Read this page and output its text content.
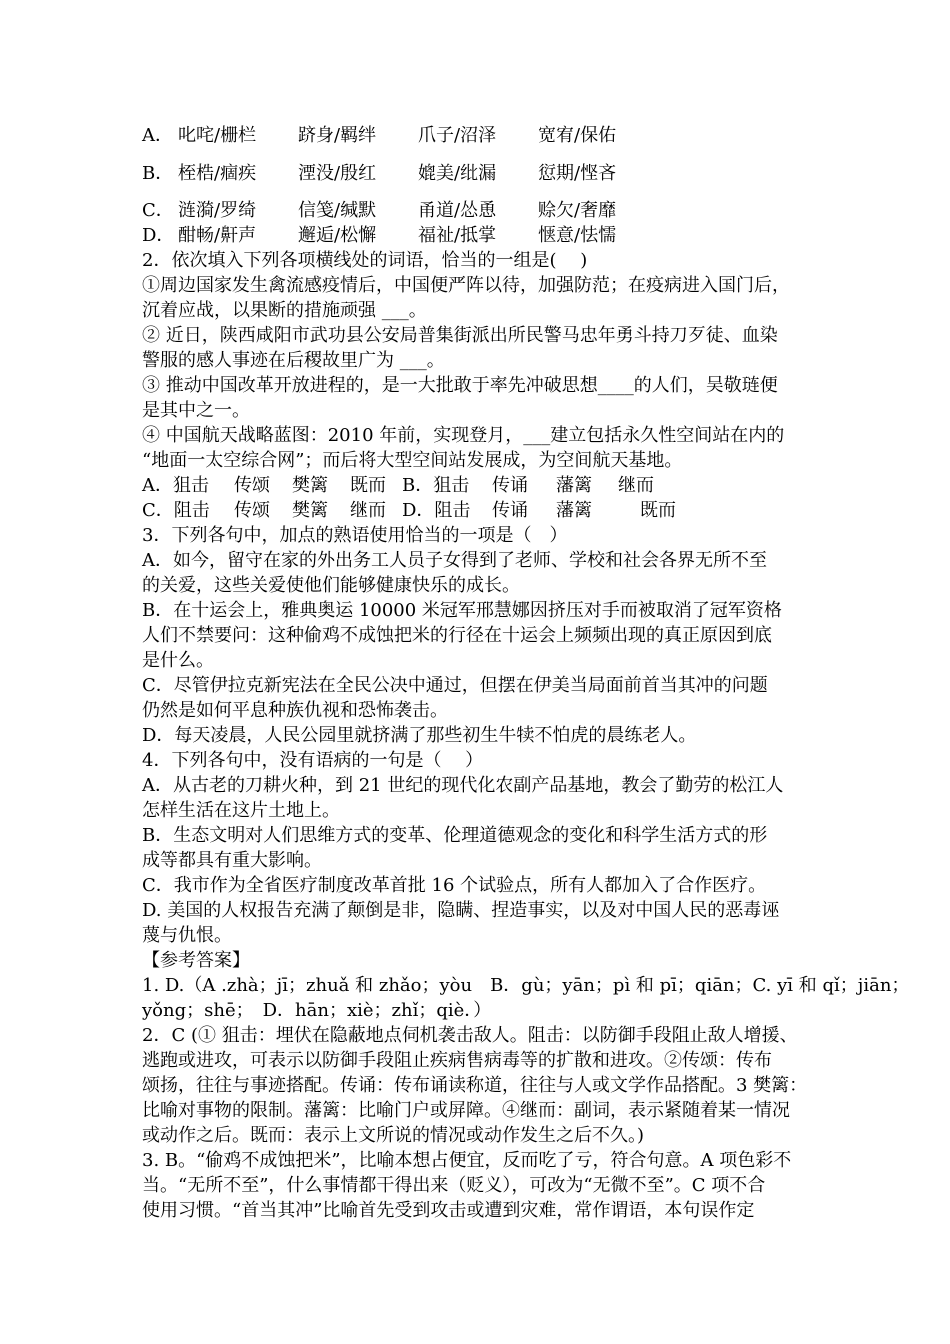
A． 叱咤/栅栏 跻身/羁绊 爪子/沼泽 宽宥/保佑
B． 桎梏/痼疾 湮没/殷红 媲美/纰漏 愆期/悭吝
C． 涟漪/罗绮 信笺/缄默 甬道/怂恿 赊欠/奢靡
D． 酣畅/鼾声 邂逅/松懈 福祉/抵掌 惬意/怯懦
2．依次填入下列各项横线处的词语，恰当的一组是(　 )
①周边国家发生禽流感疫情后，中国便严阵以待，加强防范；在疫病进入国门后，
沉着应战，以果断的措施顽强 ___。
② 近日，陕西咸阳市武功县公安局普集街派出所民警马忠年勇斗持刀歹徒、血染
警服的感人事迹在后稷故里广为 ___。
③ 推动中国改革开放进程的，是一大批敢于率先冲破思想____的人们，吴敬琏便
是其中之一。
④ 中国航天战略蓝图：2010 年前，实现登月，___建立包括永久性空间站在内的
“地面一太空综合网”；而后将大型空间站发展成，为空间航天基地。
A．狙击 传颂 樊篱 既而 B．狙击 传诵 藩篱 继而
C．阻击 传颂 樊篱 继而 D．阻击 传诵 藩篱	既而
3．下列各句中，加点的熟语使用恰当的一项是（　）
A．如今，留守在家的外出务工人员子女得到了老师、学校和社会各界无所不至
的关爱，这些关爱使他们能够健康快乐的成长。
B．在十运会上，雅典奥运 10000 米冠军邢慧娜因挤压对手而被取消了冠军资格
人们不禁要问：这种偷鸡不成蚀把米的行径在十运会上频频出现的真正原因到底
是什么。
C．尽管伊拉克新宪法在全民公决中通过，但摆在伊美当局面前首当其冲的问题
仍然是如何平息种族仇视和恐怖袭击。
D．每天凌晨，人民公园里就挤满了那些初生牛犊不怕虎的晨练老人。
4．下列各句中，没有语病的一句是（　 ）
A．从古老的刀耕火种，到 21 世纪的现代化农副产品基地，教会了勤劳的松江人
怎样生活在这片土地上。
B．生态文明对人们思维方式的变革、伦理道德观念的变化和科学生活方式的形
成等都具有重大影响。
C．我市作为全省医疗制度改革首批 16 个试验点，所有人都加入了合作医疗。
D. 美国的人权报告充满了颠倒是非，隐瞒、捏造事实，以及对中国人民的恶毒诬
蔑与仇恨。
【参考答案】
1. D.（A .zhà；jī；zhuǎ 和 zhǎo；yòu　B．gù；yān；pì 和 pī；qiān；C. yī 和 qǐ；jiān；
yǒng；shē；　D．hān；xiè；zhǐ；qiè．）
2．C (① 狙击：埋伏在隐蔽地点伺机袭击敌人。阻击：以防御手段阻止敌人增援、
逃跑或进攻，可表示以防御手段阻止疾病售病毒等的扩散和进攻。②传颂：传布
颂扬，往往与事迹搭配。传诵：传布诵读称道，往往与人或文学作品搭配。3 樊篱：
比喻对事物的限制。藩篱：比喻门户或屏障。④继而：副词，表示紧随着某一情况
或动作之后。既而：表示上文所说的情况或动作发生之后不久。)
3. B。“偷鸡不成蚀把米”，比喻本想占便宜，反而吃了亏，符合句意。A 项色彩不
当。“无所不至”，什么事情都干得出来（贬义），可改为“无微不至”。C 项不合
使用习惯。“首当其冲”比喻首先受到攻击或遭到灾难，常作谓语，本句误作定
